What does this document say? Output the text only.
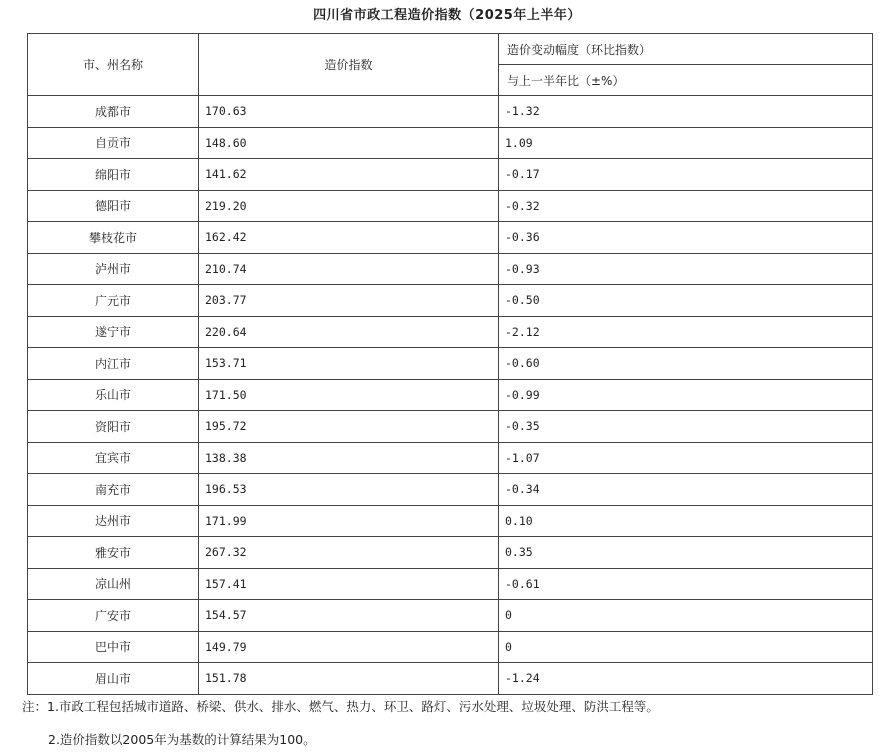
四川省市政工程造价指数（2025年上半年）
市、州名称	造价指数	造价变动幅度（环比指数）
		与上一半年比（±%）
成都市	170.63	-1.32
自贡市	148.60	1.09
绵阳市	141.62	-0.17
德阳市	219.20	-0.32
攀枝花市	162.42	-0.36
泸州市	210.74	-0.93
广元市	203.77	-0.50
遂宁市	220.64	-2.12
内江市	153.71	-0.60
乐山市	171.50	-0.99
资阳市	195.72	-0.35
宜宾市	138.38	-1.07
南充市	196.53	-0.34
达州市	171.99	0.10
雅安市	267.32	0.35
凉山州	157.41	-0.61
广安市	154.57	0
巴中市	149.79	0
眉山市	151.78	-1.24
注：1.市政工程包括城市道路、桥梁、供水、排水、燃气、热力、环卫、路灯、污水处理、垃圾处理、防洪工程等。
2.造价指数以2005年为基数的计算结果为100。
